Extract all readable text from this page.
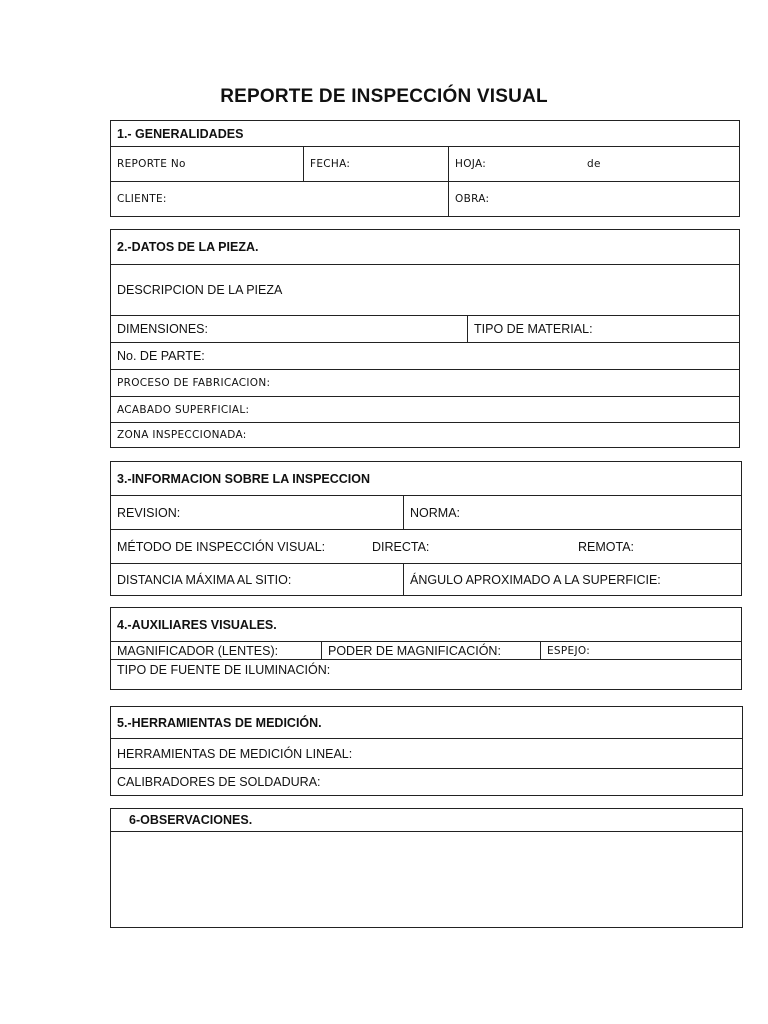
REPORTE DE INSPECCIÓN VISUAL
1.- GENERALIDADES
REPORTE No	FECHA:	HOJA:	de
CLIENTE:	OBRA:
2.-DATOS DE LA PIEZA.
DESCRIPCION DE LA PIEZA
DIMENSIONES:	TIPO DE MATERIAL:
No. DE PARTE:
PROCESO DE FABRICACION:
ACABADO SUPERFICIAL:
ZONA INSPECCIONADA:
3.-INFORMACION SOBRE LA INSPECCION
REVISION:	NORMA:
MÉTODO DE INSPECCIÓN VISUAL:	DIRECTA:	REMOTA:
DISTANCIA MÁXIMA AL SITIO:	ÁNGULO APROXIMADO A LA SUPERFICIE:
4.-AUXILIARES VISUALES.
MAGNIFICADOR (LENTES):	PODER DE MAGNIFICACIÓN:	ESPEJO:
TIPO DE FUENTE DE ILUMINACIÓN:
5.-HERRAMIENTAS DE MEDICIÓN.
HERRAMIENTAS DE MEDICIÓN LINEAL:
CALIBRADORES DE SOLDADURA:
6-OBSERVACIONES.
